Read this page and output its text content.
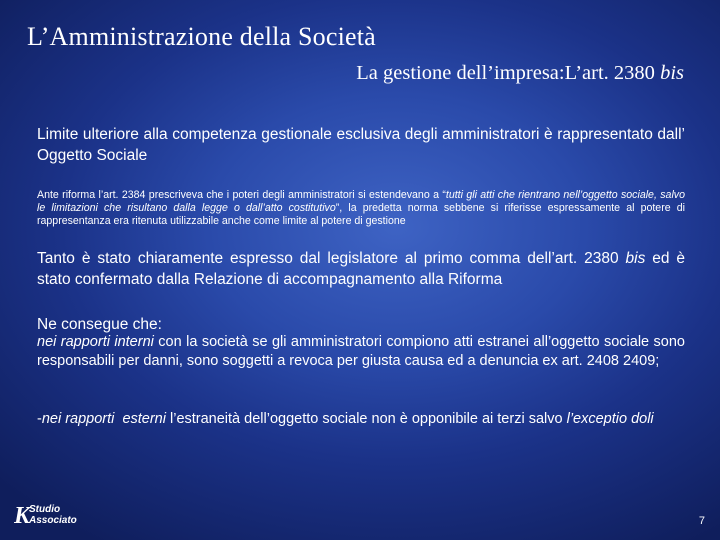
L’Amministrazione della Società
La gestione dell’impresa:L’art. 2380 bis

Limite ulteriore alla competenza gestionale esclusiva degli amministratori è rappresentato dall’ Oggetto Sociale

Ante riforma l’art. 2384 prescriveva che i poteri degli amministratori si estendevano a “tutti gli atti che rientrano nell’oggetto sociale, salvo le limitazioni che risultano dalla legge o dall’atto costitutivo”, la predetta norma sebbene si riferisse espressamente al potere di rappresentanza era ritenuta utilizzabile anche come limite al potere di gestione

Tanto è stato chiaramente espresso dal legislatore al primo comma dell’art. 2380 bis ed è stato confermato dalla Relazione di accompagnamento alla Riforma

Ne consegue che:

nei rapporti interni con la società se gli amministratori compiono atti estranei all’oggetto sociale sono responsabili per danni, sono soggetti a revoca per giusta causa ed a denuncia ex art. 2408 2409;

-nei rapporti  esterni l’estraneità dell’oggetto sociale non è opponibile ai terzi salvo l’exceptio doli

K
Studio
Associato	7
